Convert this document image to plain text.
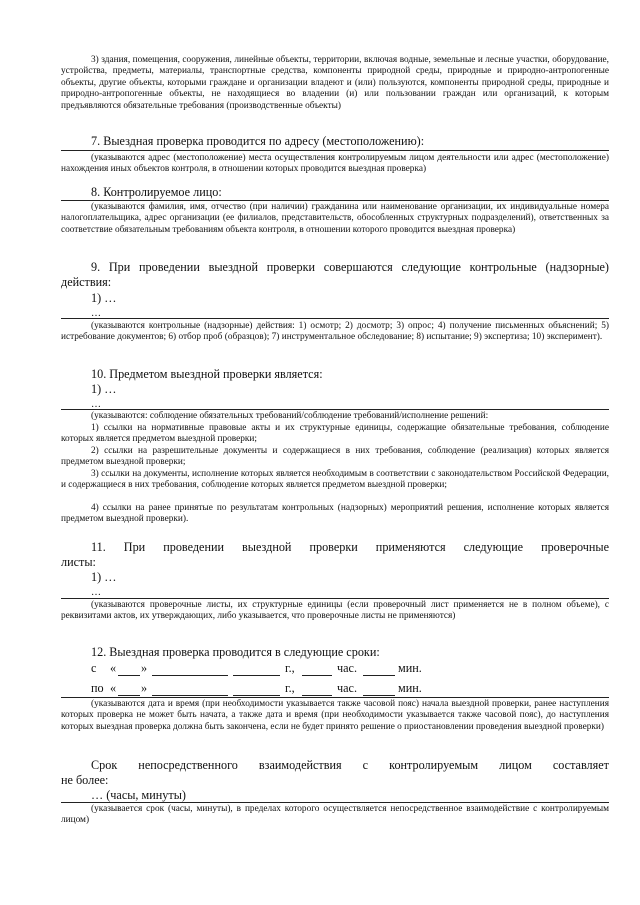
3) здания, помещения, сооружения, линейные объекты, территории, включая водные, земельные и лесные участки, оборудование, устройства, предметы, материалы, транспортные средства, компоненты природной среды, природные и природно-антропогенные объекты, другие объекты, которыми граждане и организации владеют и (или) пользуются, компоненты природной среды, природные и природно-антропогенные объекты, не находящиеся во владении (и) или пользовании граждан или организаций, к которым предъявляются обязательные требования (производственные объекты)
7. Выездная проверка проводится по адресу (местоположению):
(указываются адрес (местоположение) места осуществления контролируемым лицом деятельности или адрес (местоположение) нахождения иных объектов контроля, в отношении которых проводится выездная проверка)
8. Контролируемое лицо:
(указываются фамилия, имя, отчество (при наличии) гражданина или наименование организации, их индивидуальные номера налогоплательщика, адрес организации (ее филиалов, представительств, обособленных структурных подразделений), ответственных за соответствие обязательным требованиям объекта контроля, в отношении которого проводится выездная проверка)
9. При проведении выездной проверки совершаются следующие контрольные (надзорные) действия:
1) …
…
(указываются контрольные (надзорные) действия: 1) осмотр; 2) досмотр; 3) опрос; 4) получение письменных объяснений; 5) истребование документов; 6) отбор проб (образцов); 7) инструментальное обследование; 8) испытание; 9) экспертиза; 10) эксперимент).
10. Предметом выездной проверки является:
1) …
…
(указываются: соблюдение обязательных требований/соблюдение требований/исполнение решений:
1) ссылки на нормативные правовые акты и их структурные единицы, содержащие обязательные требования, соблюдение которых является предметом выездной проверки;
2) ссылки на разрешительные документы и содержащиеся в них требования, соблюдение (реализация) которых является предметом выездной проверки;
3) ссылки на документы, исполнение которых является необходимым в соответствии с законодательством Российской Федерации, и содержащиеся в них требования, соблюдение которых является предметом выездной проверки;
4) ссылки на ранее принятые по результатам контрольных (надзорных) мероприятий решения, исполнение которых является предметом выездной проверки).
11. При проведении выездной проверки применяются следующие проверочные
листы:
1) …
…
(указываются проверочные листы, их структурные единицы (если проверочный лист применяется не в полном объеме), с реквизитами актов, их утверждающих, либо указывается, что проверочные листы не применяются)
12. Выездная проверка проводится в следующие сроки:
с « »	г.,	час.	мин.
по « »	г.,	час.	мин.
(указываются дата и время (при необходимости указывается также часовой пояс) начала выездной проверки, ранее наступления которых проверка не может быть начата, а также дата и время (при необходимости указывается также часовой пояс), до наступления которых выездная проверка должна быть закончена, если не будет принято решение о приостановлении проведения выездной проверки)
Срок непосредственного взаимодействия с контролируемым лицом составляет
не более:
… (часы, минуты)
(указывается срок (часы, минуты), в пределах которого осуществляется непосредственное взаимодействие с контролируемым лицом)
